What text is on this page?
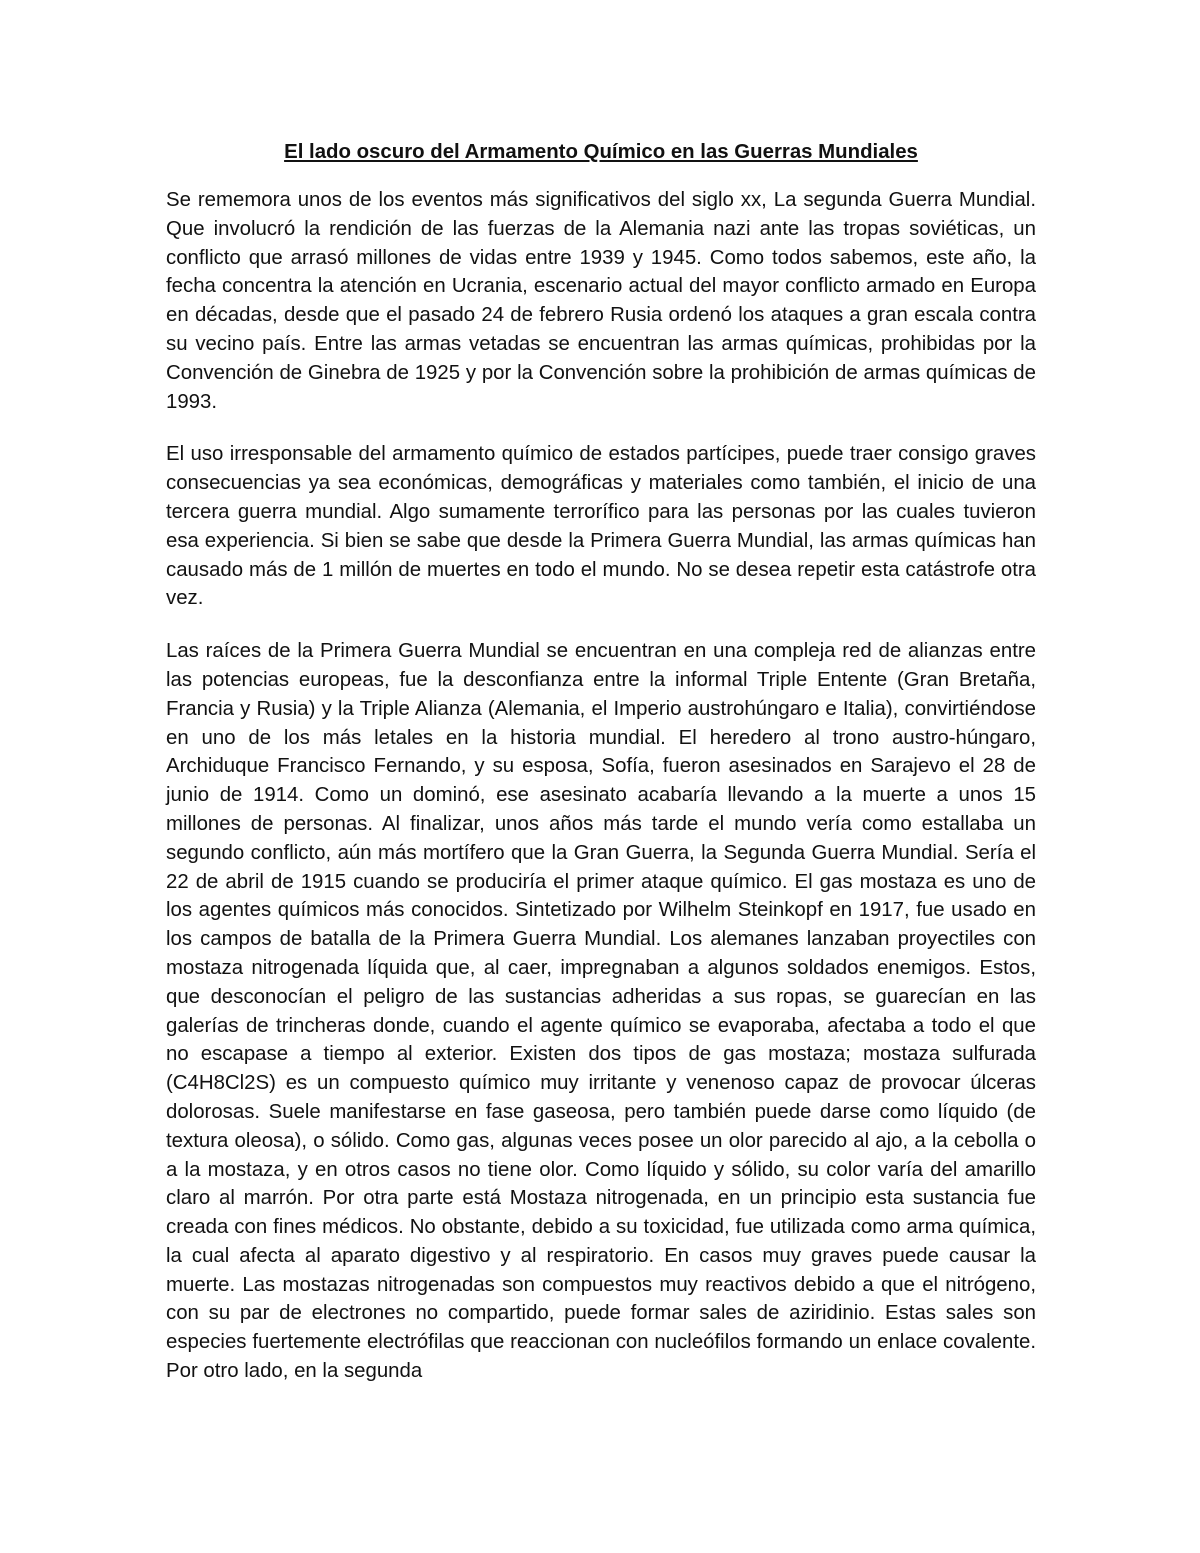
El lado oscuro del Armamento Químico en las Guerras Mundiales

Se rememora unos de los eventos más significativos del siglo xx, La segunda Guerra Mundial. Que involucró la rendición de las fuerzas de la Alemania nazi ante las tropas soviéticas, un conflicto que arrasó millones de vidas entre 1939 y 1945. Como todos sabemos, este año, la fecha concentra la atención en Ucrania, escenario actual del mayor conflicto armado en Europa en décadas, desde que el pasado 24 de febrero Rusia ordenó los ataques a gran escala contra su vecino país. Entre las armas vetadas se encuentran las armas químicas, prohibidas por la Convención de Ginebra de 1925 y por la Convención sobre la prohibición de armas químicas de 1993.

El uso irresponsable del armamento químico de estados partícipes, puede traer consigo graves consecuencias ya sea económicas, demográficas y materiales como también, el inicio de una tercera guerra mundial. Algo sumamente terrorífico para las personas por las cuales tuvieron esa experiencia. Si bien se sabe que desde la Primera Guerra Mundial, las armas químicas han causado más de 1 millón de muertes en todo el mundo. No se desea repetir esta catástrofe otra vez.

Las raíces de la Primera Guerra Mundial se encuentran en una compleja red de alianzas entre las potencias europeas, fue la desconfianza entre la informal Triple Entente (Gran Bretaña, Francia y Rusia) y la Triple Alianza (Alemania, el Imperio austrohúngaro e Italia), convirtiéndose en uno de los más letales en la historia mundial. El heredero al trono austro-húngaro, Archiduque Francisco Fernando, y su esposa, Sofía, fueron asesinados en Sarajevo el 28 de junio de 1914. Como un dominó, ese asesinato acabaría llevando a la muerte a unos 15 millones de personas. Al finalizar, unos años más tarde el mundo vería como estallaba un segundo conflicto, aún más mortífero que la Gran Guerra, la Segunda Guerra Mundial. Sería el 22 de abril de 1915 cuando se produciría el primer ataque químico. El gas mostaza es uno de los agentes químicos más conocidos. Sintetizado por Wilhelm Steinkopf en 1917, fue usado en los campos de batalla de la Primera Guerra Mundial. Los alemanes lanzaban proyectiles con mostaza nitrogenada líquida que, al caer, impregnaban a algunos soldados enemigos. Estos, que desconocían el peligro de las sustancias adheridas a sus ropas, se guarecían en las galerías de trincheras donde, cuando el agente químico se evaporaba, afectaba a todo el que no escapase a tiempo al exterior. Existen dos tipos de gas mostaza; mostaza sulfurada (C4H8Cl2S) es un compuesto químico muy irritante y venenoso capaz de provocar úlceras dolorosas. Suele manifestarse en fase gaseosa, pero también puede darse como líquido (de textura oleosa), o sólido. Como gas, algunas veces posee un olor parecido al ajo, a la cebolla o a la mostaza, y en otros casos no tiene olor. Como líquido y sólido, su color varía del amarillo claro al marrón. Por otra parte está Mostaza nitrogenada, en un principio esta sustancia fue creada con fines médicos. No obstante, debido a su toxicidad, fue utilizada como arma química, la cual afecta al aparato digestivo y al respiratorio. En casos muy graves puede causar la muerte. Las mostazas nitrogenadas son compuestos muy reactivos debido a que el nitrógeno, con su par de electrones no compartido, puede formar sales de aziridinio. Estas sales son especies fuertemente electrófilas que reaccionan con nucleófilos formando un enlace covalente. Por otro lado, en la segunda
